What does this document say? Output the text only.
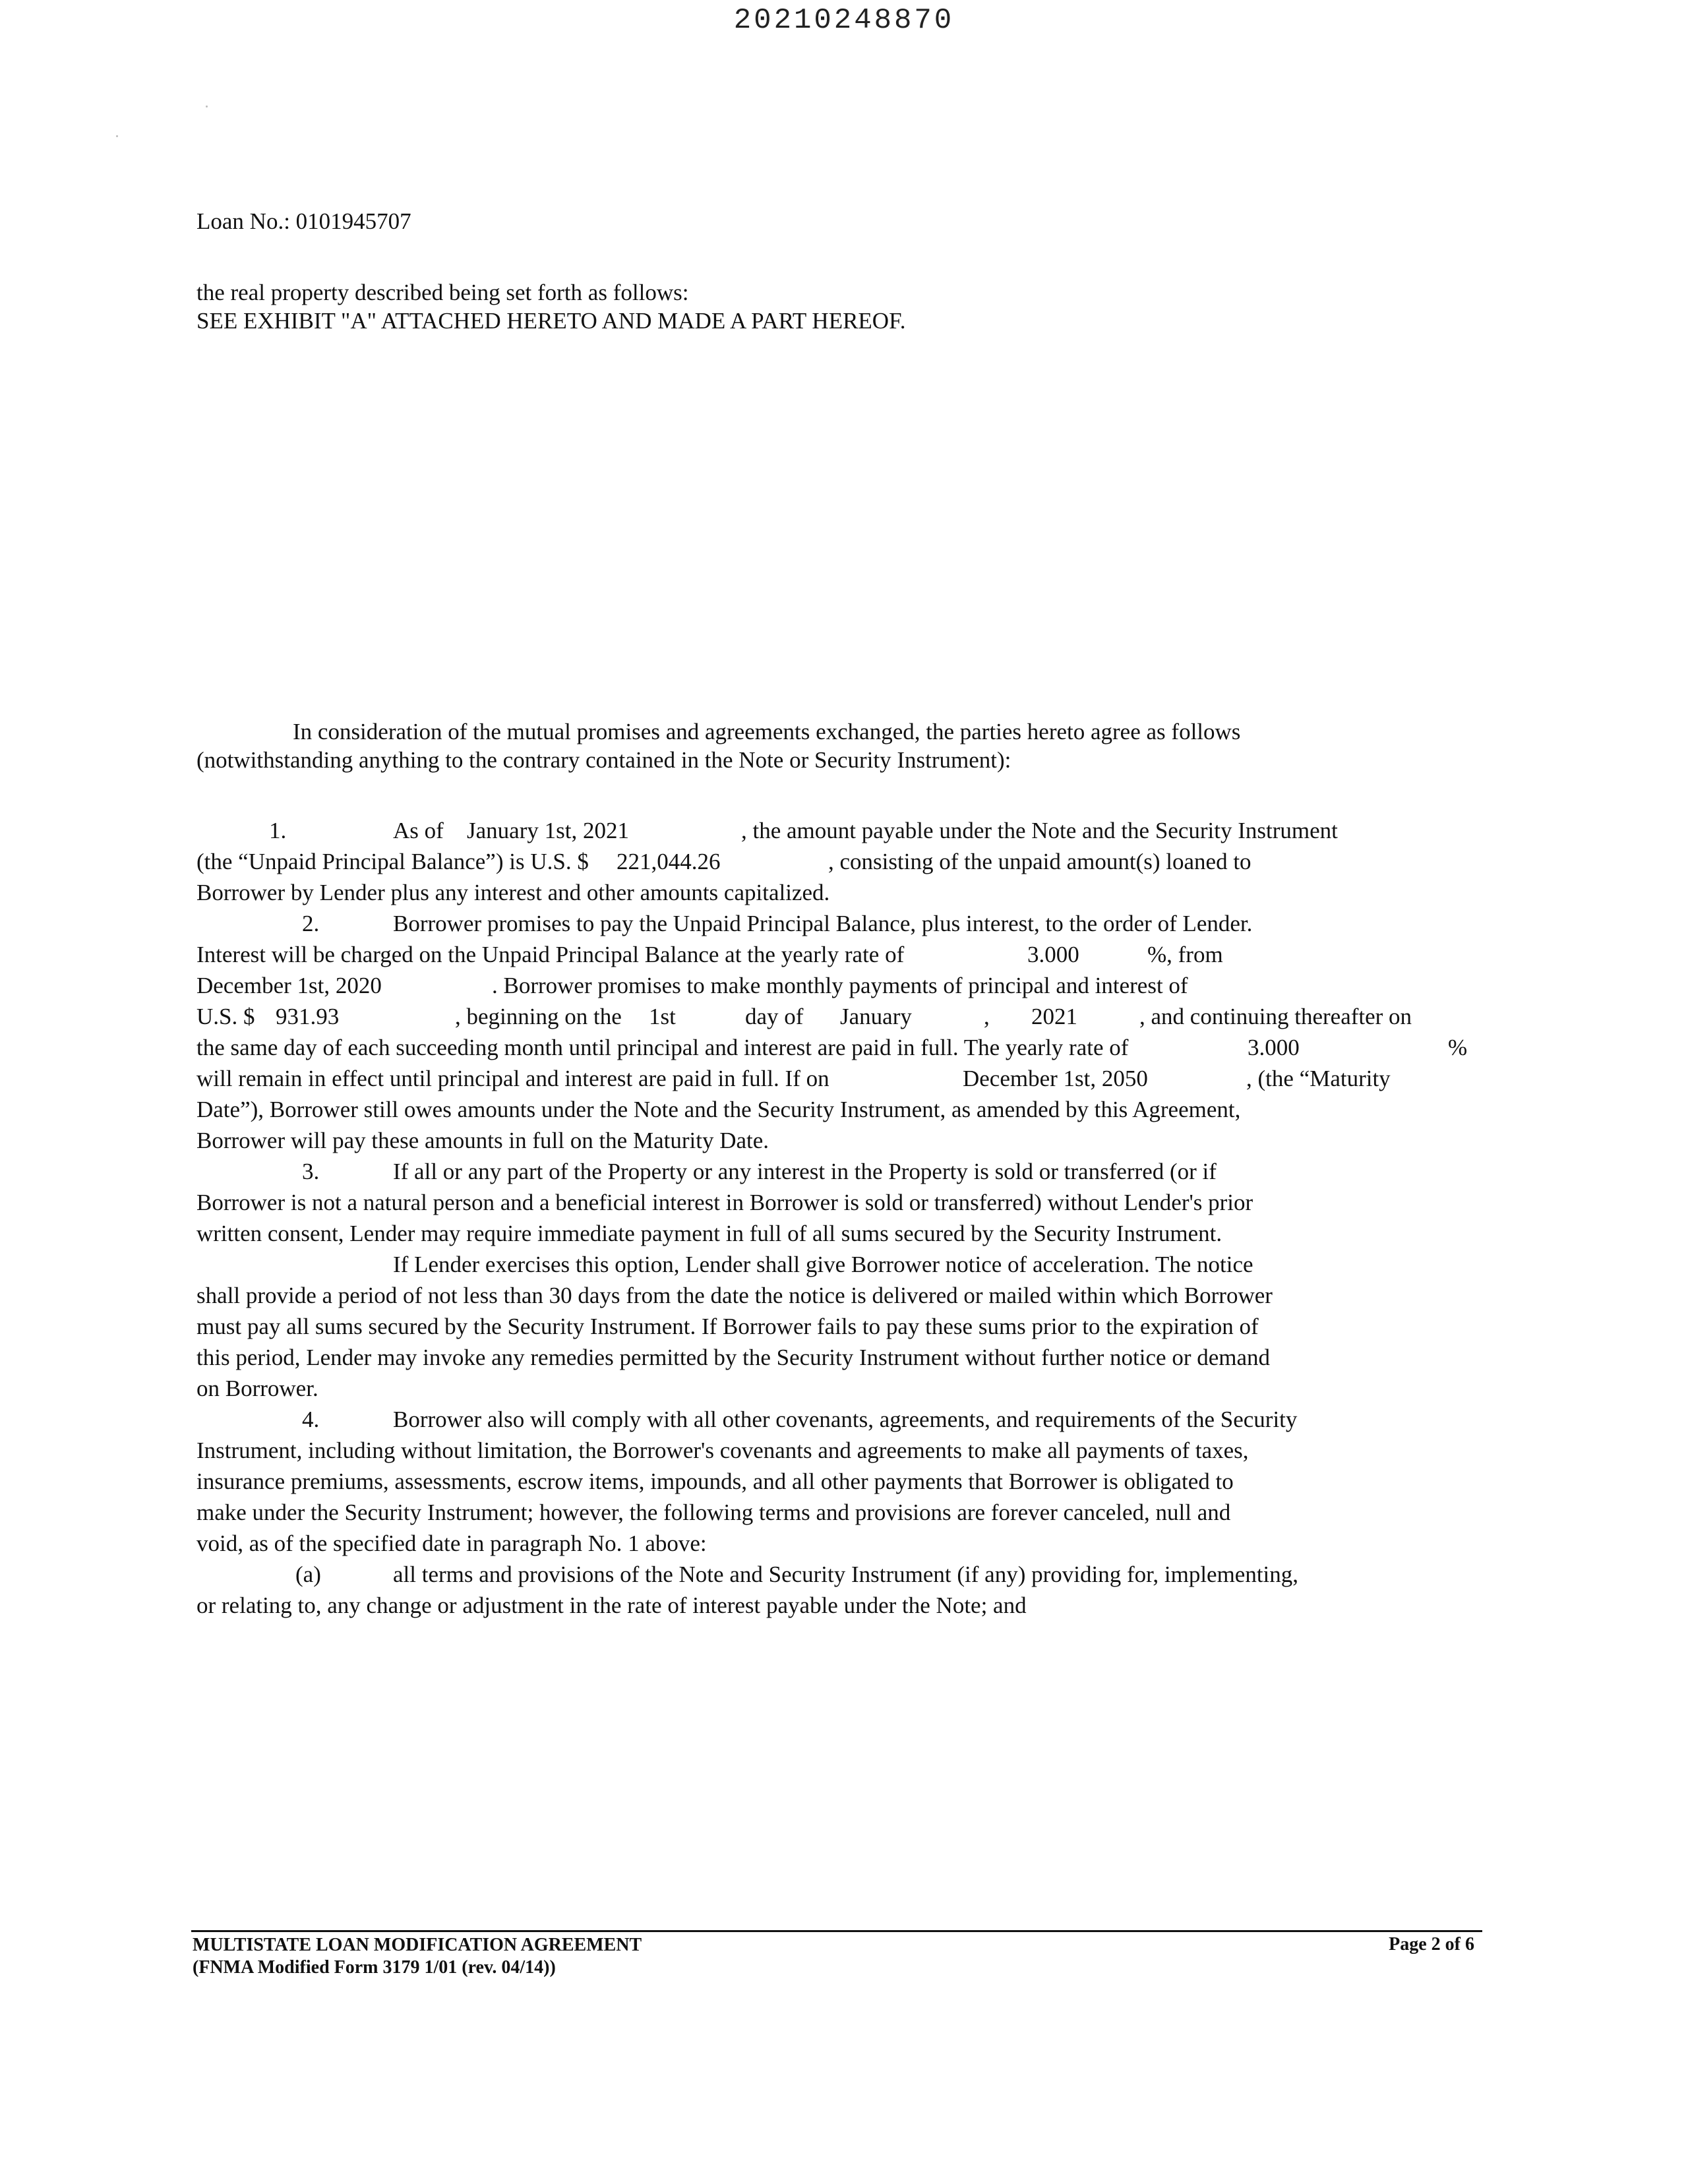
20210248870
Loan No.: 0101945707
the real property described being set forth as follows:
SEE EXHIBIT "A" ATTACHED HERETO AND MADE A PART HEREOF.
In consideration of the mutual promises and agreements exchanged, the parties hereto agree as follows
(notwithstanding anything to the contrary contained in the Note or Security Instrument):
1.	As of January 1st, 2021	, the amount payable under the Note and the Security Instrument
(the “Unpaid Principal Balance”) is U.S. $ 221,044.26	, consisting of the unpaid amount(s) loaned to
Borrower by Lender plus any interest and other amounts capitalized.
2.	Borrower promises to pay the Unpaid Principal Balance, plus interest, to the order of Lender.
Interest will be charged on the Unpaid Principal Balance at the yearly rate of	3.000	%, from
December 1st, 2020	. Borrower promises to make monthly payments of principal and interest of
U.S. $ 931.93	, beginning on the 1st	day of January	, 2021	, and continuing thereafter on
the same day of each succeeding month until principal and interest are paid in full. The yearly rate of	3.000	%
will remain in effect until principal and interest are paid in full. If on	December 1st, 2050	, (the “Maturity
Date”), Borrower still owes amounts under the Note and the Security Instrument, as amended by this Agreement,
Borrower will pay these amounts in full on the Maturity Date.
3.	If all or any part of the Property or any interest in the Property is sold or transferred (or if
Borrower is not a natural person and a beneficial interest in Borrower is sold or transferred) without Lender's prior
written consent, Lender may require immediate payment in full of all sums secured by the Security Instrument.
If Lender exercises this option, Lender shall give Borrower notice of acceleration. The notice
shall provide a period of not less than 30 days from the date the notice is delivered or mailed within which Borrower
must pay all sums secured by the Security Instrument. If Borrower fails to pay these sums prior to the expiration of
this period, Lender may invoke any remedies permitted by the Security Instrument without further notice or demand
on Borrower.
4.	Borrower also will comply with all other covenants, agreements, and requirements of the Security
Instrument, including without limitation, the Borrower's covenants and agreements to make all payments of taxes,
insurance premiums, assessments, escrow items, impounds, and all other payments that Borrower is obligated to
make under the Security Instrument; however, the following terms and provisions are forever canceled, null and
void, as of the specified date in paragraph No. 1 above:
(a)	all terms and provisions of the Note and Security Instrument (if any) providing for, implementing,
or relating to, any change or adjustment in the rate of interest payable under the Note; and
MULTISTATE LOAN MODIFICATION AGREEMENT
(FNMA Modified Form 3179 1/01 (rev. 04/14))
Page 2 of 6
